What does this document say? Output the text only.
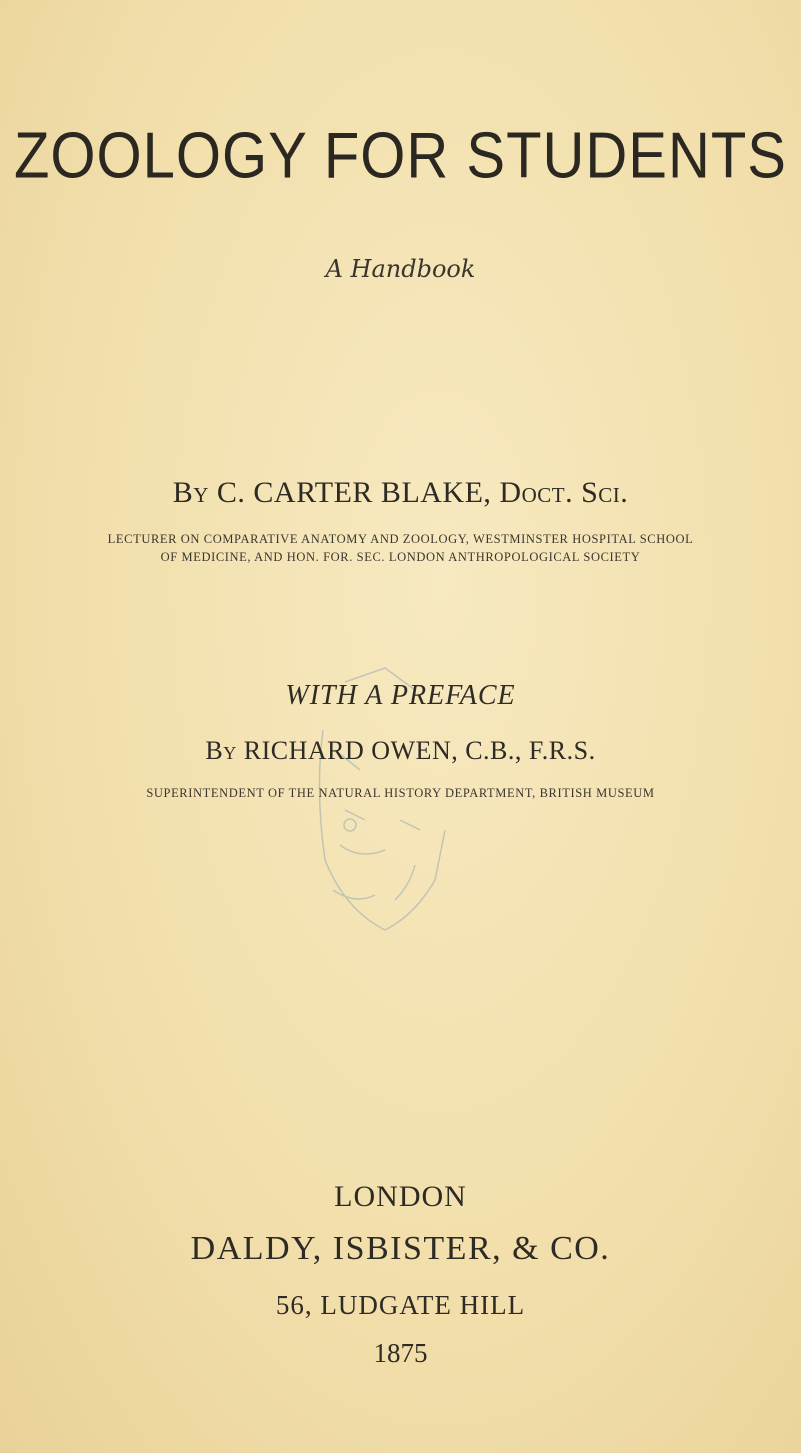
ZOOLOGY FOR STUDENTS
A Handbook
By C. CARTER BLAKE, Doct. Sci.
LECTURER ON COMPARATIVE ANATOMY AND ZOOLOGY, WESTMINSTER HOSPITAL SCHOOL
OF MEDICINE, AND HON. FOR. SEC. LONDON ANTHROPOLOGICAL SOCIETY
WITH A PREFACE
By RICHARD OWEN, C.B., F.R.S.
SUPERINTENDENT OF THE NATURAL HISTORY DEPARTMENT, BRITISH MUSEUM
LONDON
DALDY, ISBISTER, & CO.
56, LUDGATE HILL
1875
